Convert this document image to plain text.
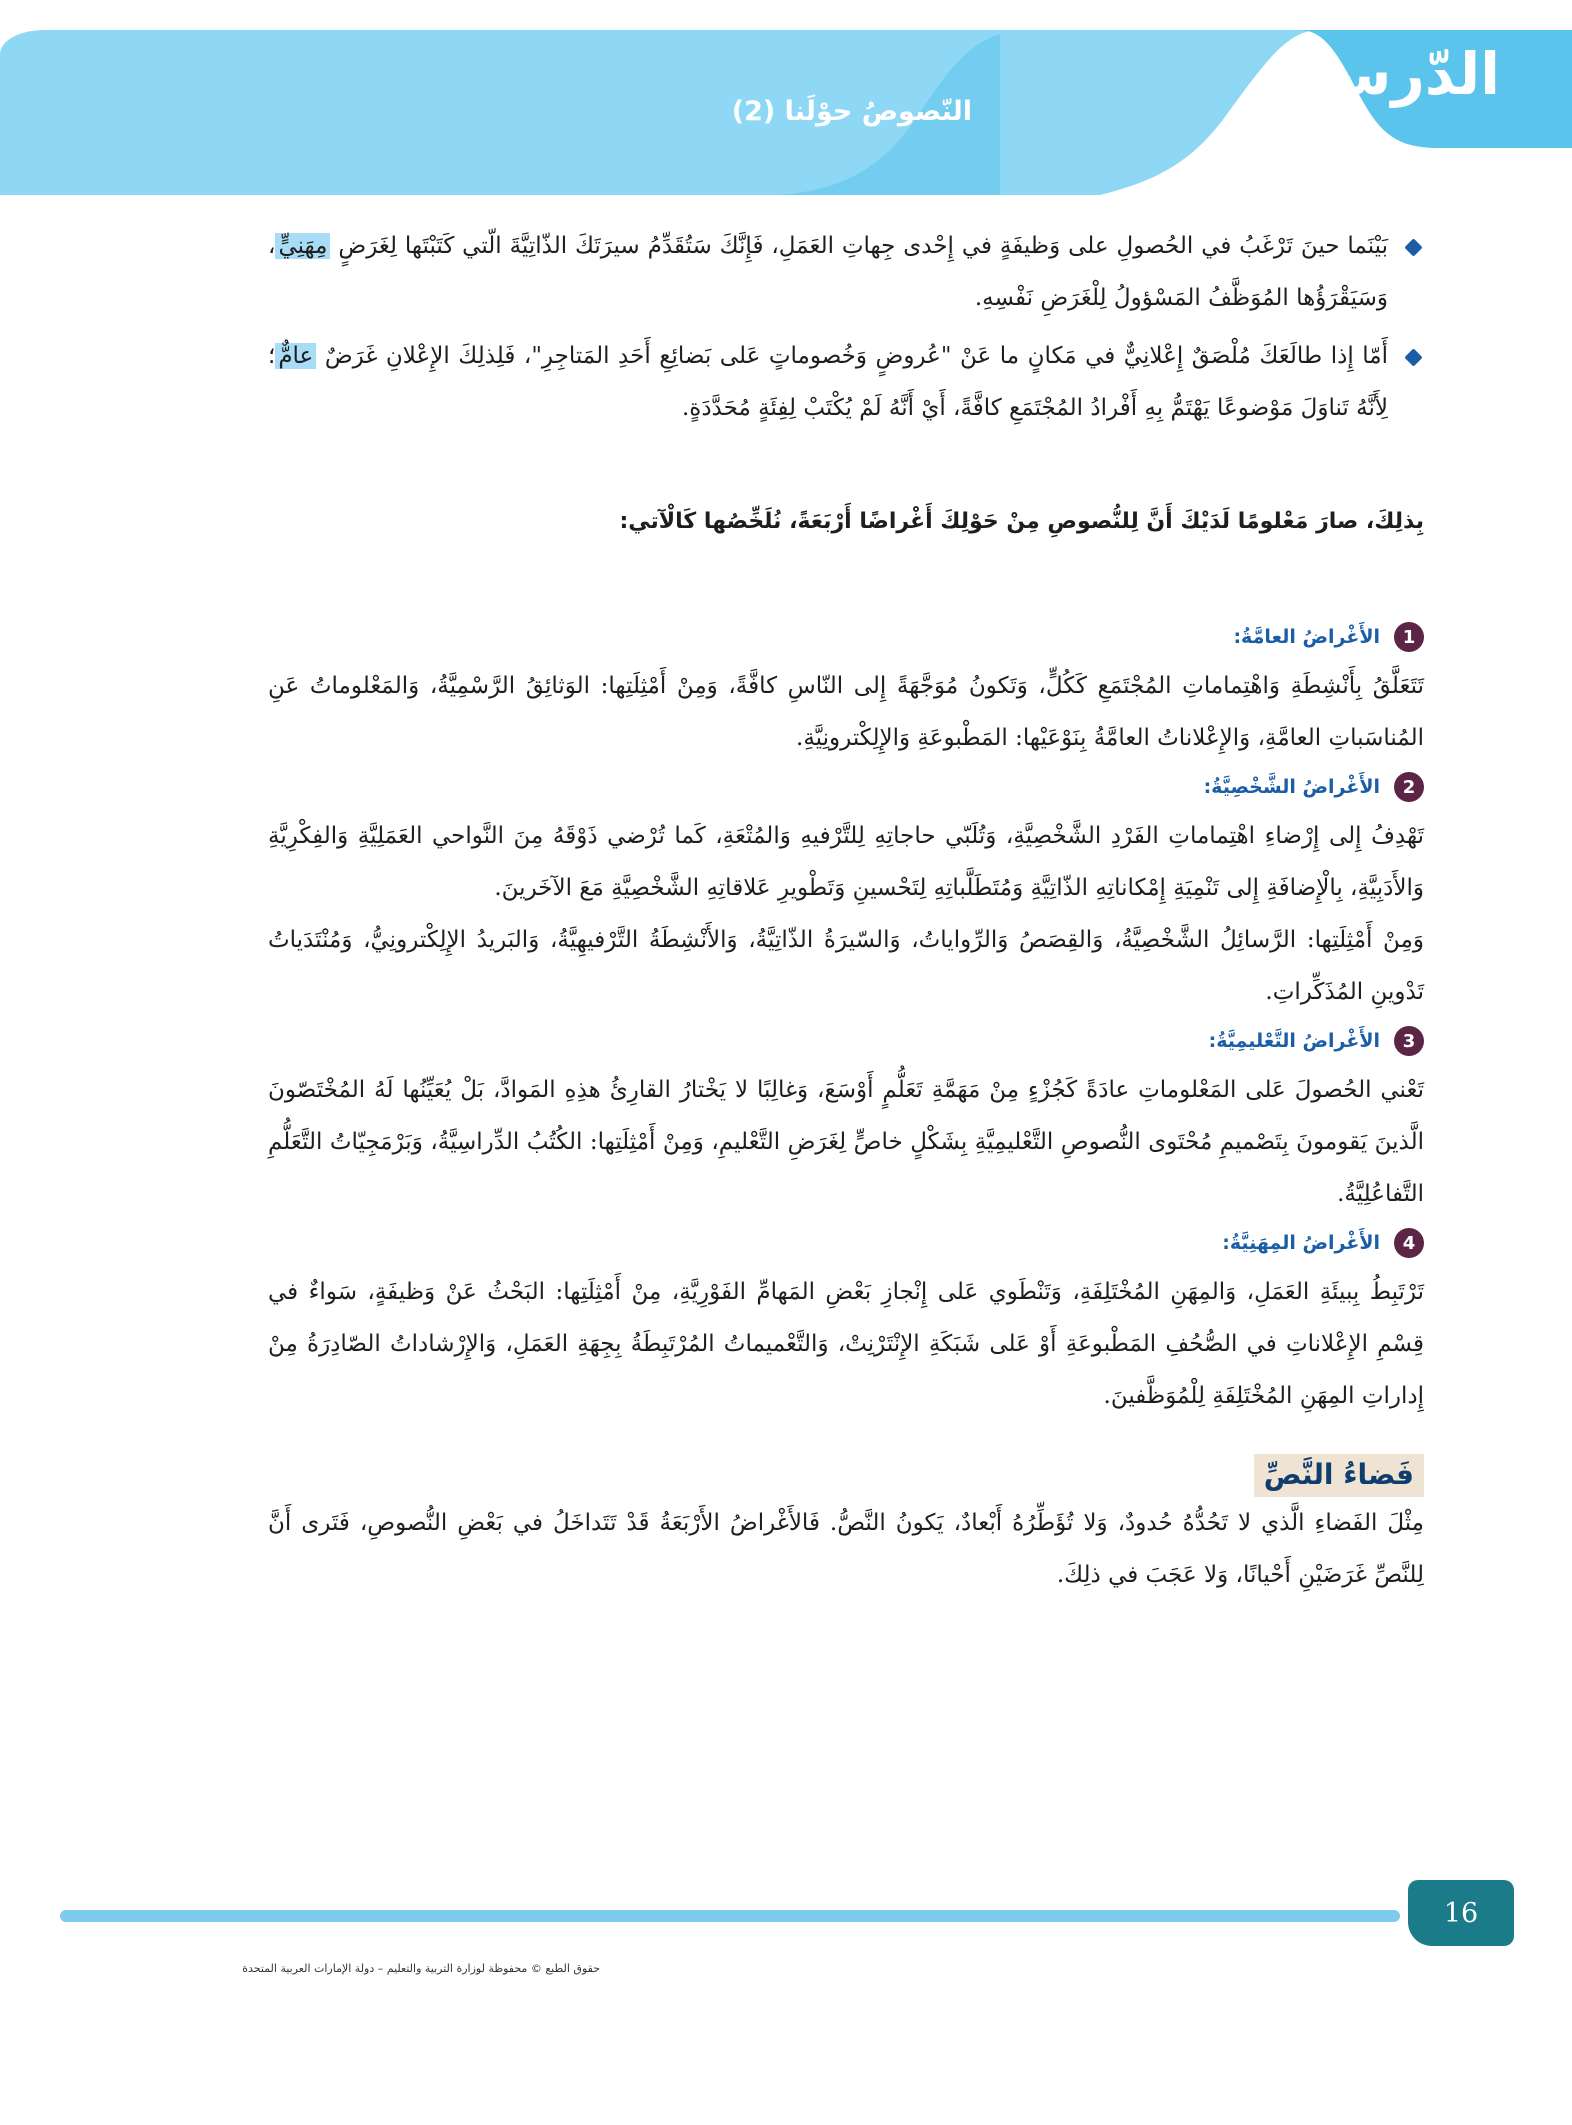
الدّرسُ
النّصوصُ حوْلَنا (2)
بَيْنَما حينَ تَرْغَبُ في الحُصولِ على وَظيفَةٍ في إِحْدى جِهاتِ العَمَلِ، فَإِنَّكَ سَتُقَدِّمُ سيرَتَكَ الذّاتِيَّةَ الّتي كَتَبْتَها لِغَرَضٍ مِهَنِيٍّ، وَسَيَقْرَؤُها المُوَظَّفُ المَسْؤولُ لِلْغَرَضِ نَفْسِهِ.
أَمّا إِذا طالَعَكَ مُلْصَقٌ إِعْلانِيٌّ في مَكانٍ ما عَنْ "عُروضٍ وَخُصوماتٍ عَلى بَضائِعِ أَحَدِ المَتاجِرِ"، فَلِذلِكَ الإِعْلانِ غَرَضٌ عامٌّ؛ لِأَنَّهُ تَناوَلَ مَوْضوعًا يَهْتَمُّ بِهِ أَفْرادُ المُجْتَمَعِ كافَّةً، أَيْ أَنَّهُ لَمْ يُكْتَبْ لِفِئَةٍ مُحَدَّدَةٍ.

بِذلِكَ، صارَ مَعْلومًا لَدَيْكَ أَنَّ لِلنُّصوصِ مِنْ حَوْلِكَ أَغْراضًا أَرْبَعَةً، نُلَخِّصُها كَالْآتي:

1
الأَغْراضُ العامَّةُ:

تَتَعَلَّقُ بِأَنْشِطَةِ وَاهْتِماماتِ المُجْتَمَعِ كَكُلٍّ، وَتَكونُ مُوَجَّهَةً إِلى النّاسِ كافَّةً، وَمِنْ أَمْثِلَتِها: الوَثائِقُ الرَّسْمِيَّةُ، وَالمَعْلوماتُ عَنِ المُناسَباتِ العامَّةِ، وَالإِعْلاناتُ العامَّةُ بِنَوْعَيْها: المَطْبوعَةِ وَالإِلِكْترونِيَّةِ.

2
الأَغْراضُ الشَّخْصِيَّةُ:

تَهْدِفُ إِلى إِرْضاءِ اهْتِماماتِ الفَرْدِ الشَّخْصِيَّةِ، وَتُلَبّي حاجاتِهِ لِلتَّرْفيهِ وَالمُتْعَةِ، كَما تُرْضي ذَوْقَهُ مِنَ النَّواحي العَمَلِيَّةِ وَالفِكْرِيَّةِ وَالأَدَبِيَّةِ، بِالْإِضافَةِ إِلى تَنْمِيَةِ إِمْكاناتِهِ الذّاتِيَّةِ وَمُتَطَلَّباتِهِ لِتَحْسينِ وَتَطْويرِ عَلاقاتِهِ الشَّخْصِيَّةِ مَعَ الآخَرينَ.

وَمِنْ أَمْثِلَتِها: الرَّسائِلُ الشَّخْصِيَّةُ، وَالقِصَصُ وَالرِّواياتُ، وَالسّيرَةُ الذّاتِيَّةُ، وَالأَنْشِطَةُ التَّرْفيهِيَّةُ، وَالبَريدُ الإِلِكْترونِيُّ، وَمُنْتَدَياتُ تَدْوينِ المُذَكِّراتِ.

3
الأَغْراضُ التَّعْليمِيَّةُ:

تَعْني الحُصولَ عَلى المَعْلوماتِ عادَةً كَجُزْءٍ مِنْ مَهَمَّةِ تَعَلُّمٍ أَوْسَعَ، وَغالِبًا لا يَخْتارُ القارِئُ هذِهِ المَوادَّ، بَلْ يُعَيِّنُها لَهُ المُخْتَصّونَ الَّذينَ يَقومونَ بِتَصْميمِ مُحْتَوى النُّصوصِ التَّعْليمِيَّةِ بِشَكْلٍ خاصٍّ لِغَرَضِ التَّعْليمِ، وَمِنْ أَمْثِلَتِها: الكُتُبُ الدِّراسِيَّةُ، وَبَرْمَجِيّاتُ التَّعَلُّمِ التَّفاعُلِيَّةُ.

4
الأَغْراضُ المِهَنِيَّةُ:

تَرْتَبِطُ بِبيئَةِ العَمَلِ، وَالمِهَنِ المُخْتَلِفَةِ، وَتَنْطَوي عَلى إِنْجازِ بَعْضِ المَهامِّ الفَوْرِيَّةِ، مِنْ أَمْثِلَتِها: البَحْثُ عَنْ وَظيفَةٍ، سَواءٌ في قِسْمِ الإِعْلاناتِ في الصُّحُفِ المَطْبوعَةِ أَوْ عَلى شَبَكَةِ الإِنْتَرْنِتْ، وَالتَّعْميماتُ المُرْتَبِطَةُ بِجِهَةِ العَمَلِ، وَالإِرْشاداتُ الصّادِرَةُ مِنْ إِداراتِ المِهَنِ المُخْتَلِفَةِ لِلْمُوَظَّفينَ.

فَضاءُ النَّصِّ

مِثْلَ الفَضاءِ الَّذي لا تَحُدُّهُ حُدودٌ، وَلا تُؤَطِّرُهُ أَبْعادٌ، يَكونُ النَّصُّ. فَالأَغْراضُ الأَرْبَعَةُ قَدْ تَتَداخَلُ في بَعْضِ النُّصوصِ، فَتَرى أَنَّ لِلنَّصِّ غَرَضَيْنِ أَحْيانًا، وَلا عَجَبَ في ذلِكَ.

16
حقوق الطبع © محفوظة لوزارة التربية والتعليم – دولة الإمارات العربية المتحدة
